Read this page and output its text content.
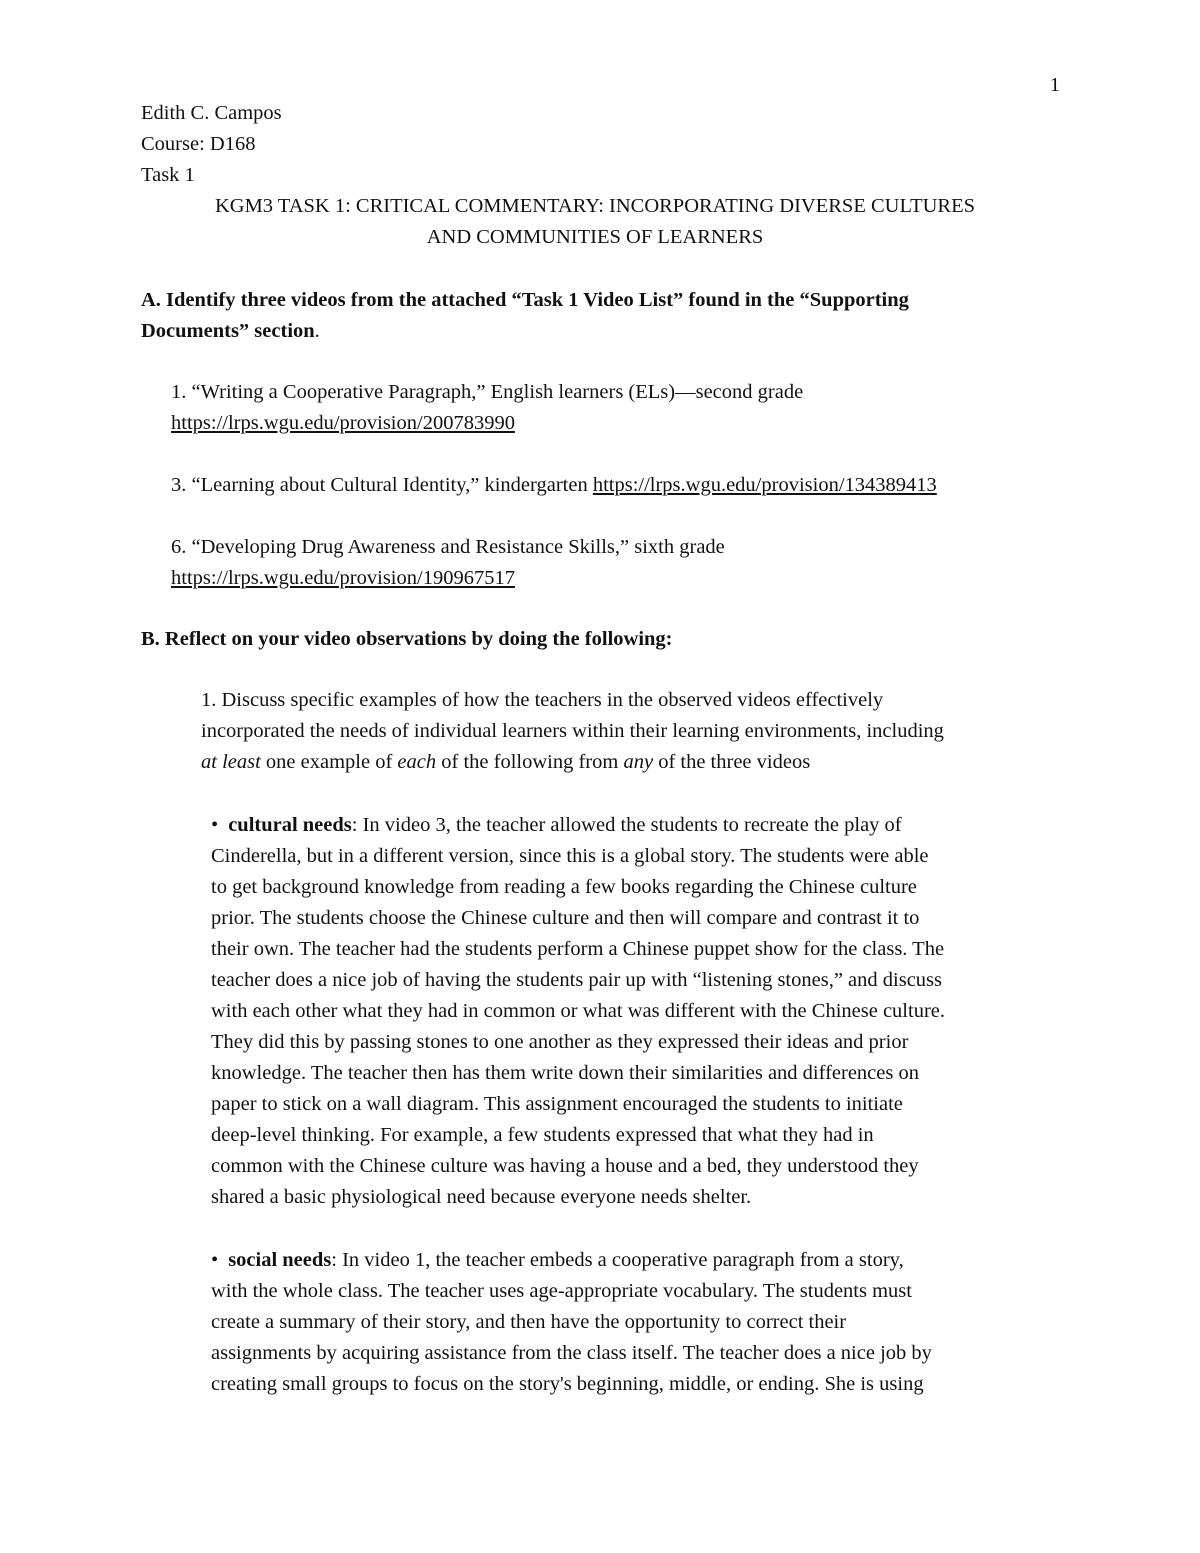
1
Edith C. Campos
Course: D168
Task 1
KGM3 TASK 1: CRITICAL COMMENTARY: INCORPORATING DIVERSE CULTURES
AND COMMUNITIES OF LEARNERS
A. Identify three videos from the attached “Task 1 Video List” found in the “Supporting
Documents” section.
1. “Writing a Cooperative Paragraph,” English learners (ELs)—second grade
https://lrps.wgu.edu/provision/200783990
3. “Learning about Cultural Identity,” kindergarten https://lrps.wgu.edu/provision/134389413
6. “Developing Drug Awareness and Resistance Skills,” sixth grade
https://lrps.wgu.edu/provision/190967517
B. Reflect on your video observations by doing the following:
1. Discuss specific examples of how the teachers in the observed videos effectively
incorporated the needs of individual learners within their learning environments, including
at least one example of each of the following from any of the three videos
• cultural needs: In video 3, the teacher allowed the students to recreate the play of
Cinderella, but in a different version, since this is a global story. The students were able
to get background knowledge from reading a few books regarding the Chinese culture
prior. The students choose the Chinese culture and then will compare and contrast it to
their own. The teacher had the students perform a Chinese puppet show for the class. The
teacher does a nice job of having the students pair up with “listening stones,” and discuss
with each other what they had in common or what was different with the Chinese culture.
They did this by passing stones to one another as they expressed their ideas and prior
knowledge. The teacher then has them write down their similarities and differences on
paper to stick on a wall diagram. This assignment encouraged the students to initiate
deep-level thinking. For example, a few students expressed that what they had in
common with the Chinese culture was having a house and a bed, they understood they
shared a basic physiological need because everyone needs shelter.
• social needs: In video 1, the teacher embeds a cooperative paragraph from a story,
with the whole class. The teacher uses age-appropriate vocabulary. The students must
create a summary of their story, and then have the opportunity to correct their
assignments by acquiring assistance from the class itself. The teacher does a nice job by
creating small groups to focus on the story's beginning, middle, or ending. She is using
